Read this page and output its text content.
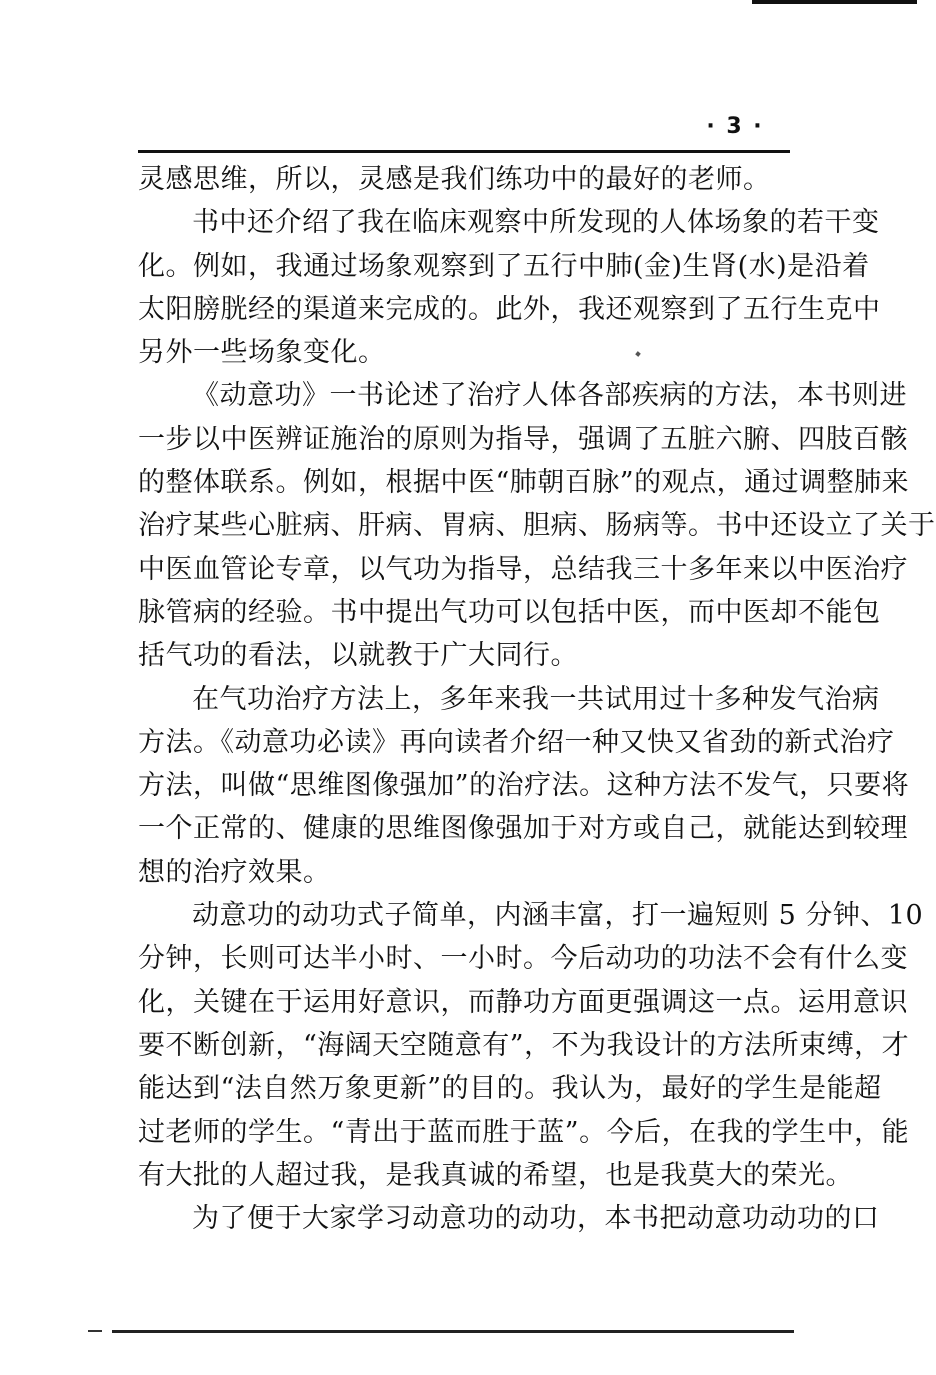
· 3 ·
灵感思维，所以，灵感是我们练功中的最好的老师。
书中还介绍了我在临床观察中所发现的人体场象的若干变
化。例如，我通过场象观察到了五行中肺(金)生肾(水)是沿着
太阳膀胱经的渠道来完成的。此外，我还观察到了五行生克中
另外一些场象变化。
《动意功》一书论述了治疗人体各部疾病的方法，本书则进
一步以中医辨证施治的原则为指导，强调了五脏六腑、四肢百骸
的整体联系。例如，根据中医“肺朝百脉”的观点，通过调整肺来
治疗某些心脏病、肝病、胃病、胆病、肠病等。书中还设立了关于
中医血管论专章，以气功为指导，总结我三十多年来以中医治疗
脉管病的经验。书中提出气功可以包括中医，而中医却不能包
括气功的看法，以就教于广大同行。
在气功治疗方法上，多年来我一共试用过十多种发气治病
方法。《动意功必读》再向读者介绍一种又快又省劲的新式治疗
方法，叫做“思维图像强加”的治疗法。这种方法不发气，只要将
一个正常的、健康的思维图像强加于对方或自己，就能达到较理
想的治疗效果。
动意功的动功式子简单，内涵丰富，打一遍短则 5 分钟、10
分钟，长则可达半小时、一小时。今后动功的功法不会有什么变
化，关键在于运用好意识，而静功方面更强调这一点。运用意识
要不断创新，“海阔天空随意有”，不为我设计的方法所束缚，才
能达到“法自然万象更新”的目的。我认为，最好的学生是能超
过老师的学生。“青出于蓝而胜于蓝”。今后，在我的学生中，能
有大批的人超过我，是我真诚的希望，也是我莫大的荣光。
为了便于大家学习动意功的动功，本书把动意功动功的口
